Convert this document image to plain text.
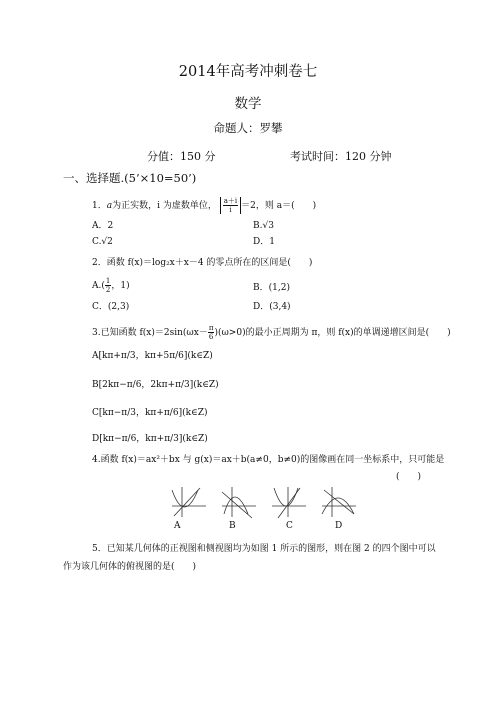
2014年高考冲刺卷七
数学
命题人：罗攀
分值：150 分	考试时间：120 分钟
一、选择题.(5’×10=50’)
1．a为正实数，i 为虚数单位， $\frac{a+i}{i} =2$，则 a＝(　　)
A．2	B.√3
C.√2	D．1
2．函数 f(x)＝log₂x＋x－4 的零点所在的区间是(　　)
$A.( \frac{1}{2}$ ，1)	B．(1,2)
C．(2,3)	D．(3,4)
3.已知函数 $f(x)=2\sin(\omega x- \frac{\pi}{6} )(\omega>0)$的最小正周期为 π，则 f(x)的单调递增区间是(　　)
A[kπ+π/3，kπ+5π/6](k∈Z)
B[2kπ−π/6，2kπ+π/3](k∈Z)
C[kπ−π/3，kπ+π/6](k∈Z)
D[kπ−π/6，kπ+π/3](k∈Z)
4.函数 f(x)＝ax²＋bx 与 g(x)＝ax＋b(a≠0，b≠0)的图像画在同一坐标系中，只可能是
(　　)
A	B	C	D
5．已知某几何体的正视图和侧视图均为如图 1 所示的图形，则在图 2 的四个图中可以
作为该几何体的俯视图的是(　　)
